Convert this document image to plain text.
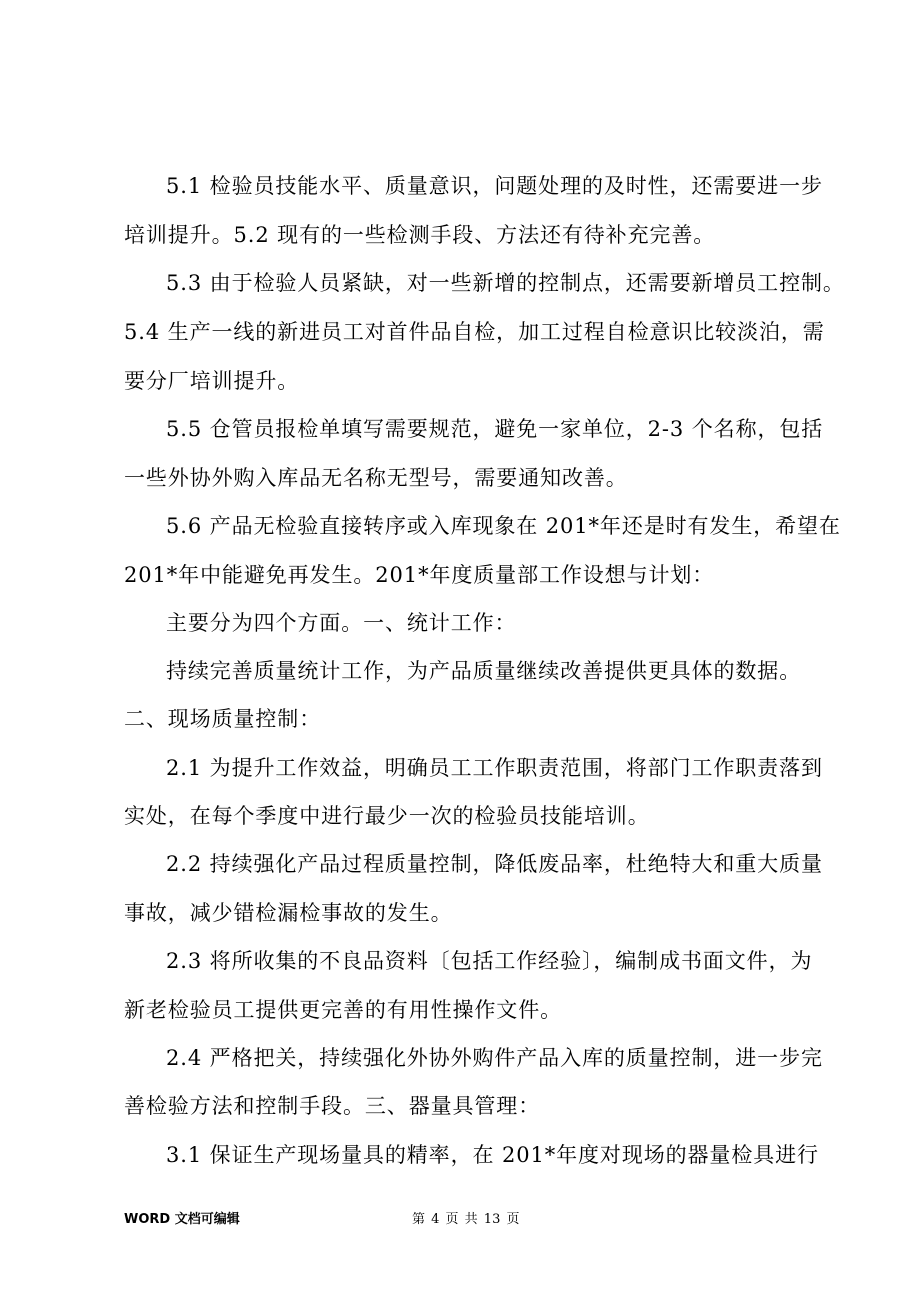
5.1 检验员技能水平、质量意识，问题处理的及时性，还需要进一步
培训提升。5.2 现有的一些检测手段、方法还有待补充完善。
5.3 由于检验人员紧缺，对一些新增的控制点，还需要新增员工控制。
5.4 生产一线的新进员工对首件品自检，加工过程自检意识比较淡泊，需
要分厂培训提升。
5.5 仓管员报检单填写需要规范，避免一家单位，2-3 个名称，包括
一些外协外购入库品无名称无型号，需要通知改善。
5.6 产品无检验直接转序或入库现象在 201*年还是时有发生，希望在
201*年中能避免再发生。201*年度质量部工作设想与计划：
主要分为四个方面。一、统计工作：
持续完善质量统计工作，为产品质量继续改善提供更具体的数据。
二、现场质量控制：
2.1 为提升工作效益，明确员工工作职责范围，将部门工作职责落到
实处，在每个季度中进行最少一次的检验员技能培训。
2.2 持续强化产品过程质量控制，降低废品率，杜绝特大和重大质量
事故，减少错检漏检事故的发生。
2.3 将所收集的不良品资料〔包括工作经验〕，编制成书面文件，为
新老检验员工提供更完善的有用性操作文件。
2.4 严格把关，持续强化外协外购件产品入库的质量控制，进一步完
善检验方法和控制手段。三、器量具管理：
3.1 保证生产现场量具的精率，在 201*年度对现场的器量检具进行
WORD 文档可编辑	第 4 页 共 13 页
